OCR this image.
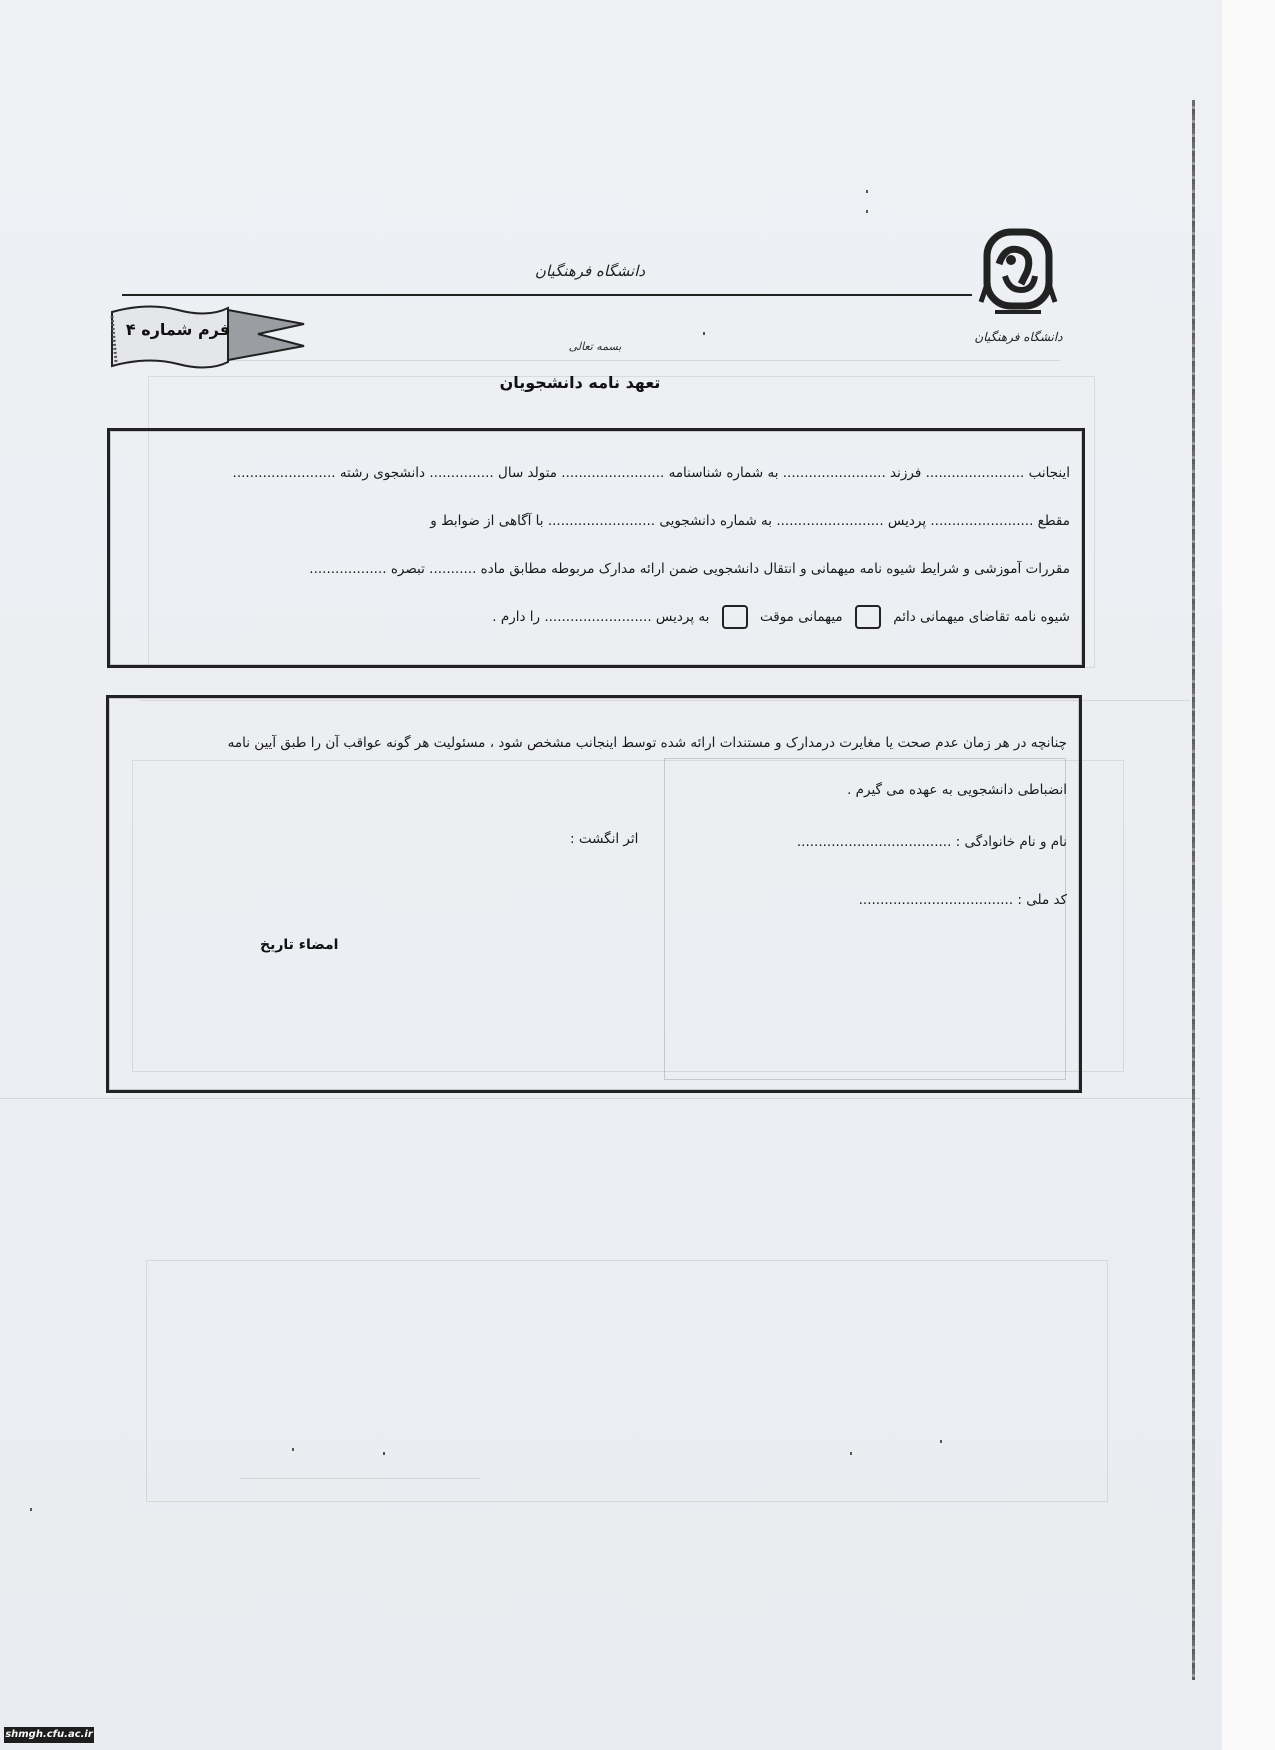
دانشگاه فرهنگیان
دانشگاه فرهنگیان
فرم شماره ۴
بسمه تعالی
تعهد نامه دانشجویان
اینجانب ....................... فرزند ........................ به شماره شناسنامه ........................ متولد سال ............... دانشجوی رشته ........................
مقطع ........................ پردیس ......................... به شماره دانشجویی ......................... با آگاهی از ضوابط و
مقررات آموزشی و شرایط شیوه نامه میهمانی و انتقال دانشجویی ضمن ارائه مدارک مربوطه مطابق ماده ........... تبصره ..................
شیوه نامه تقاضای میهمانی دائم  میهمانی موقت  به پردیس ......................... را دارم .
چنانچه در هر زمان عدم صحت یا مغایرت درمدارک و مستندات ارائه شده توسط اینجانب مشخص شود ، مسئولیت هر گونه عواقب آن را طبق آیین نامه
انضباطی دانشجویی به عهده می گیرم .
نام و نام خانوادگی : ....................................
کد ملی : ....................................
اثر انگشت :
امضاء تاریخ
shmgh.cfu.ac.ir
